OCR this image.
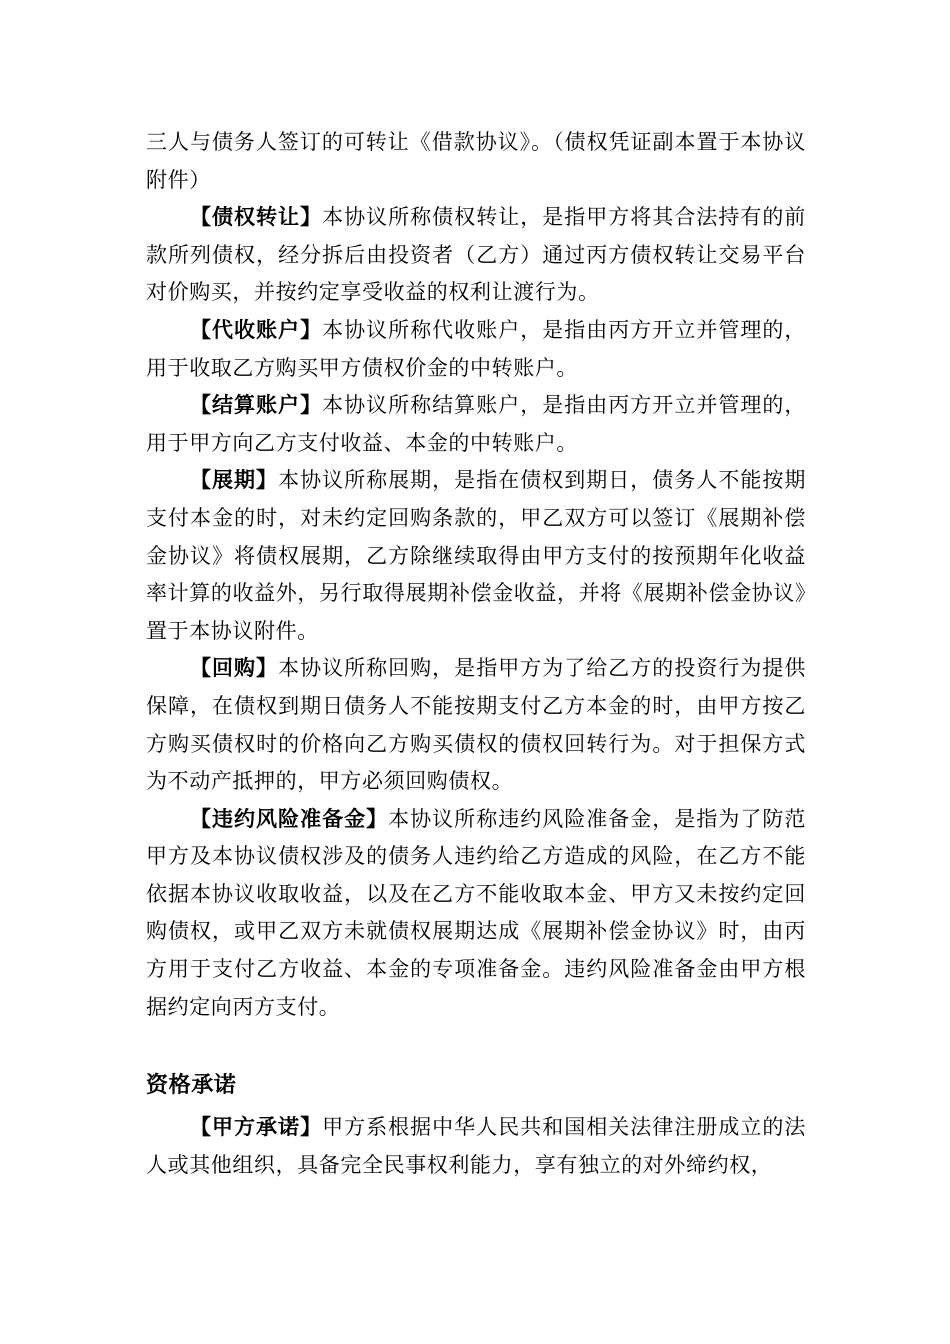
三人与债务人签订的可转让《借款协议》。（债权凭证副本置于本协议附件）

【债权转让】本协议所称债权转让，是指甲方将其合法持有的前款所列债权，经分拆后由投资者（乙方）通过丙方债权转让交易平台对价购买，并按约定享受收益的权利让渡行为。

【代收账户】本协议所称代收账户，是指由丙方开立并管理的，用于收取乙方购买甲方债权价金的中转账户。

【结算账户】本协议所称结算账户，是指由丙方开立并管理的，用于甲方向乙方支付收益、本金的中转账户。

【展期】本协议所称展期，是指在债权到期日，债务人不能按期支付本金的时，对未约定回购条款的，甲乙双方可以签订《展期补偿金协议》将债权展期，乙方除继续取得由甲方支付的按预期年化收益率计算的收益外，另行取得展期补偿金收益，并将《展期补偿金协议》置于本协议附件。

【回购】本协议所称回购，是指甲方为了给乙方的投资行为提供保障，在债权到期日债务人不能按期支付乙方本金的时，由甲方按乙方购买债权时的价格向乙方购买债权的债权回转行为。对于担保方式为不动产抵押的，甲方必须回购债权。

【违约风险准备金】本协议所称违约风险准备金，是指为了防范甲方及本协议债权涉及的债务人违约给乙方造成的风险，在乙方不能依据本协议收取收益，以及在乙方不能收取本金、甲方又未按约定回购债权，或甲乙双方未就债权展期达成《展期补偿金协议》时，由丙方用于支付乙方收益、本金的专项准备金。违约风险准备金由甲方根据约定向丙方支付。

资格承诺

【甲方承诺】甲方系根据中华人民共和国相关法律注册成立的法人或其他组织，具备完全民事权利能力，享有独立的对外缔约权，
